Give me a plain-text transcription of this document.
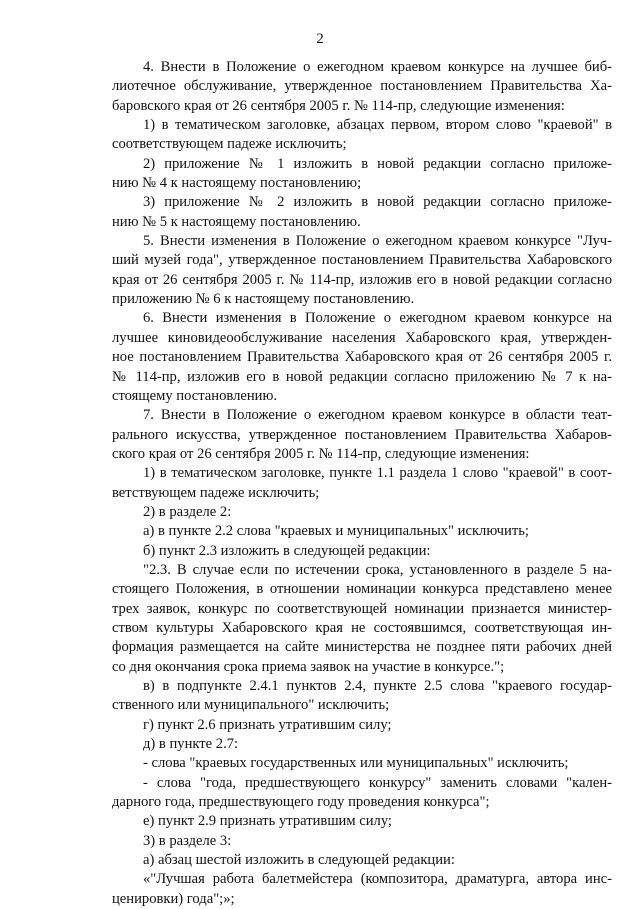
2
4. Внести в Положение о ежегодном краевом конкурсе на лучшее биб-
лиотечное обслуживание, утвержденное постановлением Правительства Ха-
баровского края от 26 сентября 2005 г. № 114-пр, следующие изменения:
1) в тематическом заголовке, абзацах первом, втором слово "краевой" в
соответствующем падеже исключить;
2) приложение № 1 изложить в новой редакции согласно приложе-
нию № 4 к настоящему постановлению;
3) приложение № 2 изложить в новой редакции согласно приложе-
нию № 5 к настоящему постановлению.
5. Внести изменения в Положение о ежегодном краевом конкурсе "Луч-
ший музей года", утвержденное постановлением Правительства Хабаровского
края от 26 сентября 2005 г. № 114-пр, изложив его в новой редакции согласно
приложению № 6 к настоящему постановлению.
6. Внести изменения в Положение о ежегодном краевом конкурсе на
лучшее киновидеообслуживание населения Хабаровского края, утвержден-
ное постановлением Правительства Хабаровского края от 26 сентября 2005 г.
№ 114-пр, изложив его в новой редакции согласно приложению № 7 к на-
стоящему постановлению.
7. Внести в Положение о ежегодном краевом конкурсе в области теат-
рального искусства, утвержденное постановлением Правительства Хабаров-
ского края от 26 сентября 2005 г. № 114-пр, следующие изменения:
1) в тематическом заголовке, пункте 1.1 раздела 1 слово "краевой" в соот-
ветствующем падеже исключить;
2) в разделе 2:
а) в пункте 2.2 слова "краевых и муниципальных" исключить;
б) пункт 2.3 изложить в следующей редакции:
"2.3. В случае если по истечении срока, установленного в разделе 5 на-
стоящего Положения, в отношении номинации конкурса представлено менее
трех заявок, конкурс по соответствующей номинации признается министер-
ством культуры Хабаровского края не состоявшимся, соответствующая ин-
формация размещается на сайте министерства не позднее пяти рабочих дней
со дня окончания срока приема заявок на участие в конкурсе.";
в) в подпункте 2.4.1 пунктов 2.4, пункте 2.5 слова "краевого государ-
ственного или муниципального" исключить;
г) пункт 2.6 признать утратившим силу;
д) в пункте 2.7:
- слова "краевых государственных или муниципальных" исключить;
- слова "года, предшествующего конкурсу" заменить словами "кален-
дарного года, предшествующего году проведения конкурса";
е) пункт 2.9 признать утратившим силу;
3) в разделе 3:
а) абзац шестой изложить в следующей редакции:
«"Лучшая работа балетмейстера (композитора, драматурга, автора инс-
ценировки) года";»;
